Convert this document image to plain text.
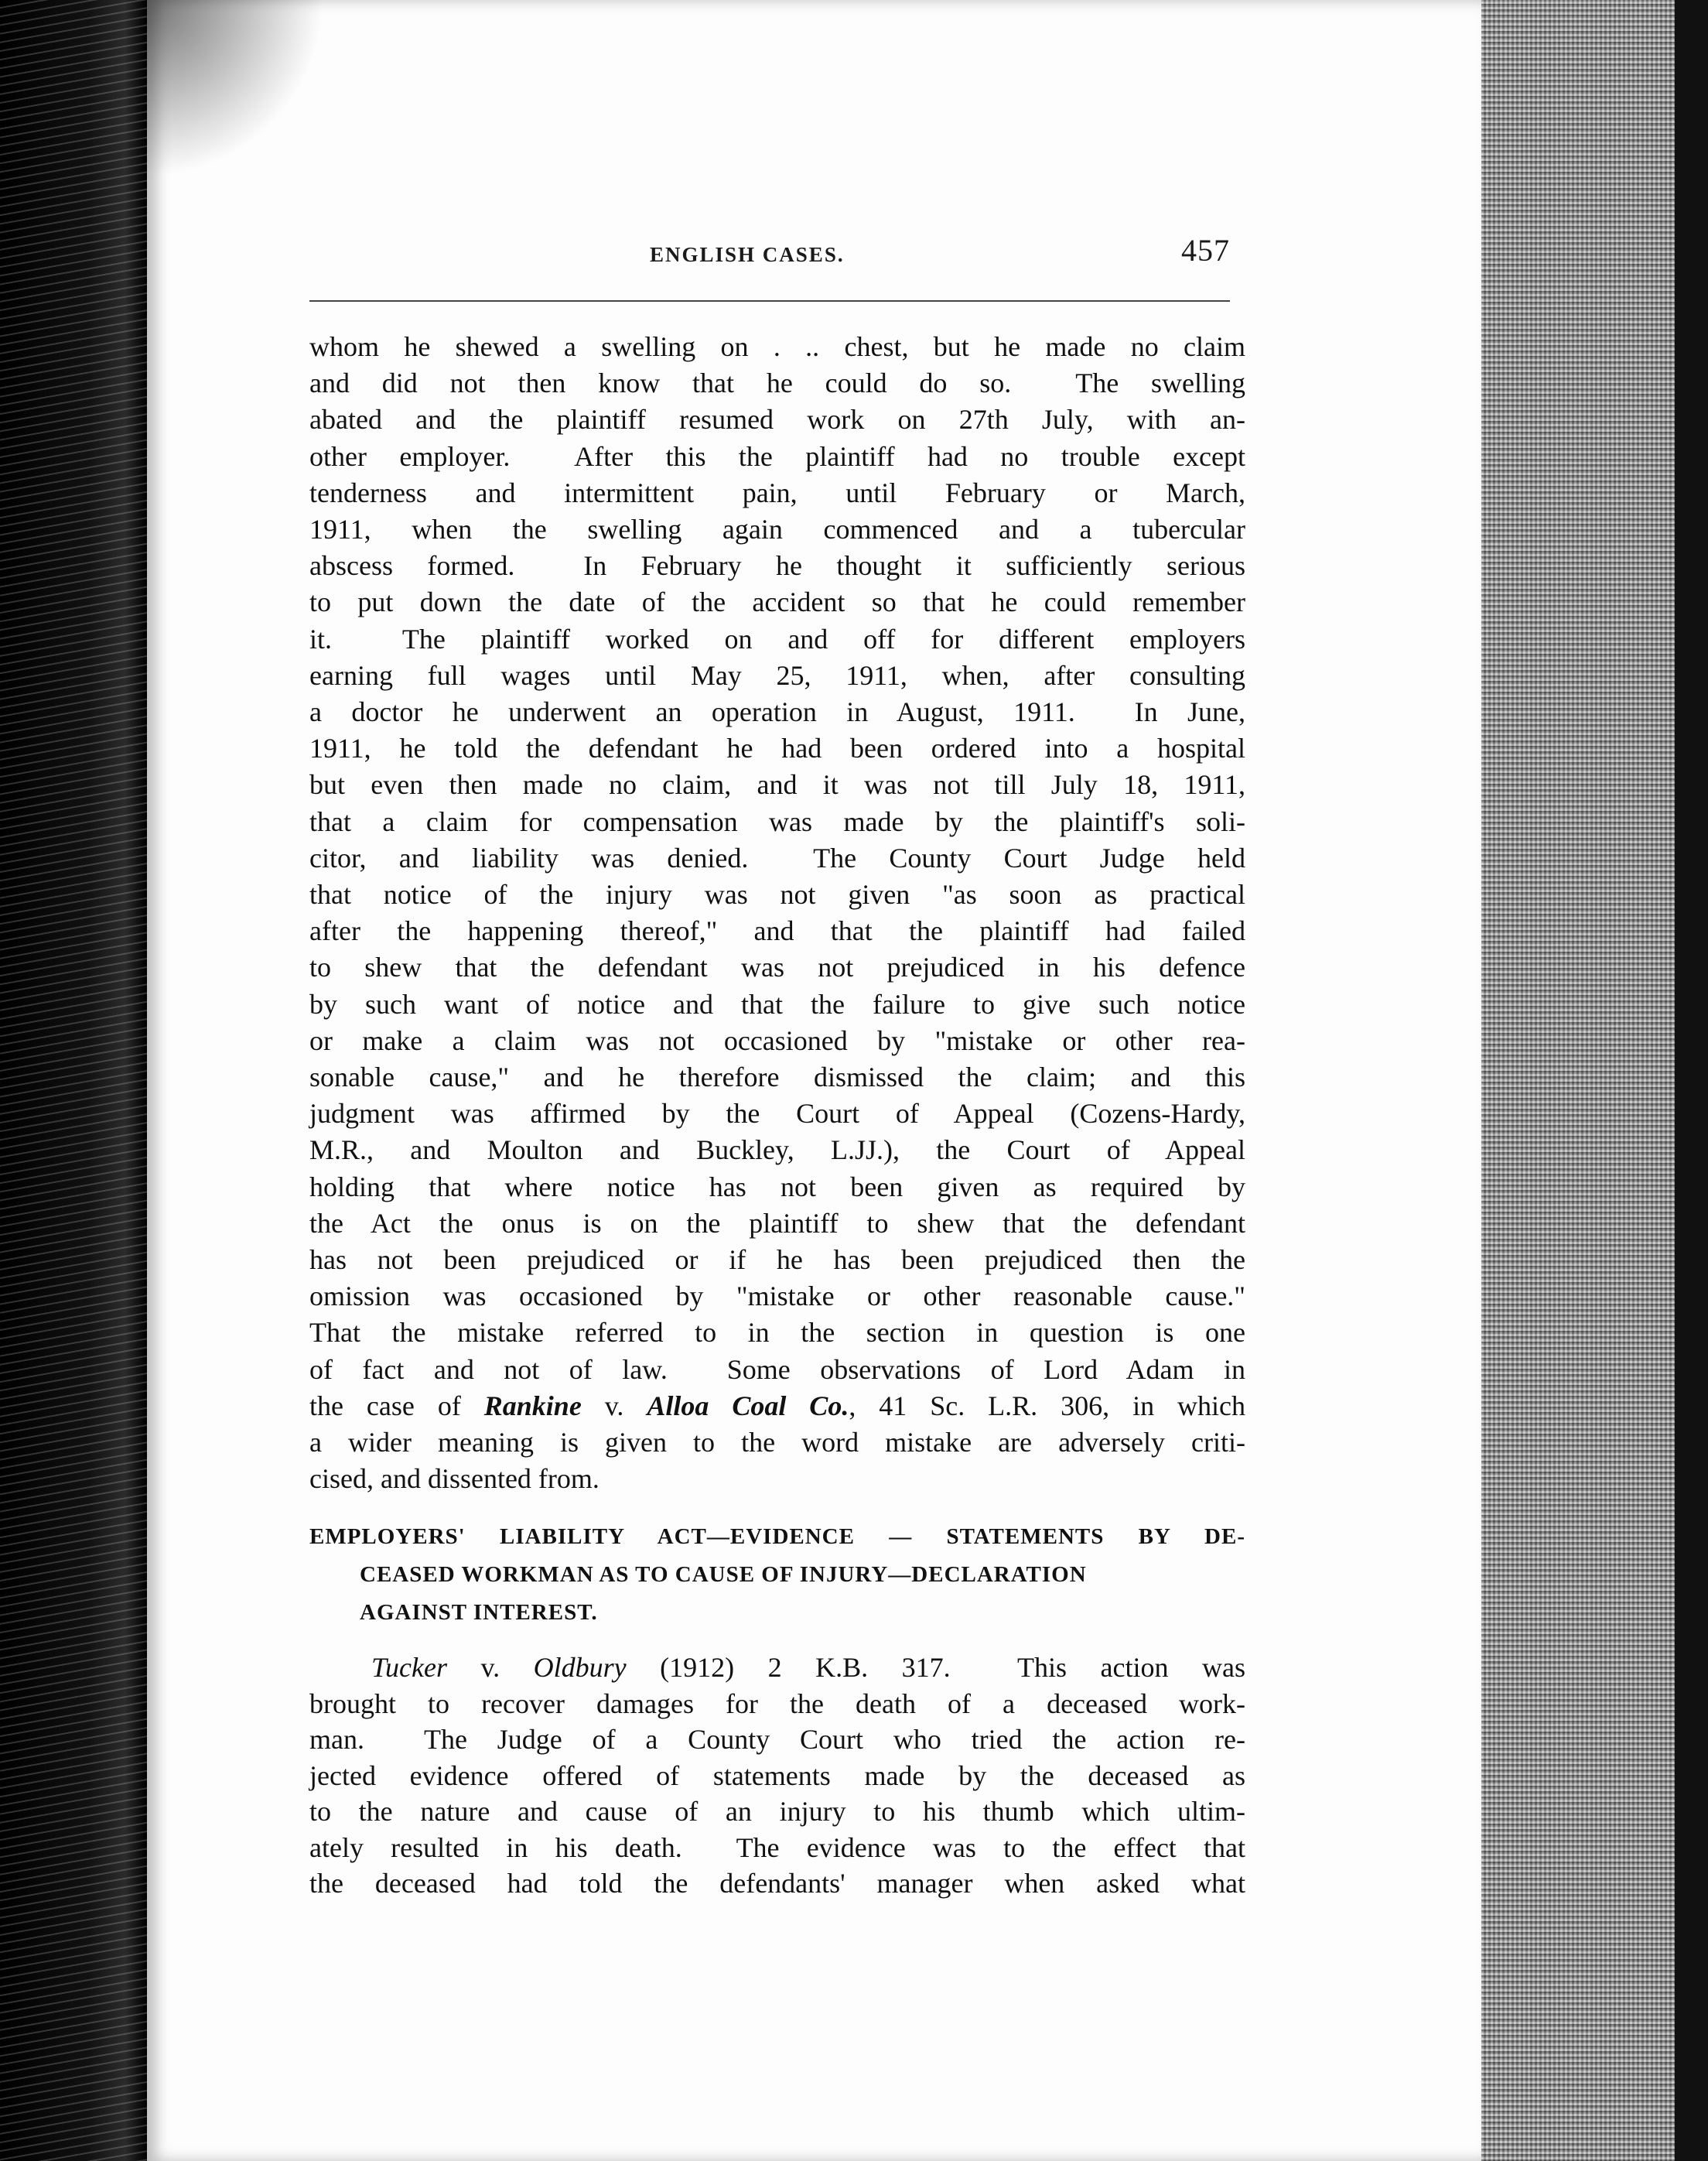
ENGLISH CASES.	457
whom he shewed a swelling on . .. chest, but he made no claim
and did not then know that he could do so.  The swelling
abated and the plaintiff resumed work on 27th July, with an-
other employer.  After this the plaintiff had no trouble except
tenderness and intermittent pain, until February or March,
1911, when the swelling again commenced and a tubercular
abscess formed.  In February he thought it sufficiently serious
to put down the date of the accident so that he could remember
it.  The plaintiff worked on and off for different employers
earning full wages until May 25, 1911, when, after consulting
a doctor he underwent an operation in August, 1911.  In June,
1911, he told the defendant he had been ordered into a hospital
but even then made no claim, and it was not till July 18, 1911,
that a claim for compensation was made by the plaintiff's soli-
citor, and liability was denied.  The County Court Judge held
that notice of the injury was not given "as soon as practical
after the happening thereof," and that the plaintiff had failed
to shew that the defendant was not prejudiced in his defence
by such want of notice and that the failure to give such notice
or make a claim was not occasioned by "mistake or other rea-
sonable cause," and he therefore dismissed the claim; and this
judgment was affirmed by the Court of Appeal (Cozens-Hardy,
M.R., and Moulton and Buckley, L.JJ.), the Court of Appeal
holding that where notice has not been given as required by
the Act the onus is on the plaintiff to shew that the defendant
has not been prejudiced or if he has been prejudiced then the
omission was occasioned by "mistake or other reasonable cause."
That the mistake referred to in the section in question is one
of fact and not of law.  Some observations of Lord Adam in
the case of Rankine v. Alloa Coal Co., 41 Sc. L.R. 306, in which
a wider meaning is given to the word mistake are adversely criti-
cised, and dissented from.
EMPLOYERS' LIABILITY ACT—EVIDENCE — STATEMENTS BY DE-
CEASED WORKMAN AS TO CAUSE OF INJURY—DECLARATION
AGAINST INTEREST.
Tucker v. Oldbury (1912) 2 K.B. 317.  This action was
brought to recover damages for the death of a deceased work-
man.  The Judge of a County Court who tried the action re-
jected evidence offered of statements made by the deceased as
to the nature and cause of an injury to his thumb which ultim-
ately resulted in his death.  The evidence was to the effect that
the deceased had told the defendants' manager when asked what
